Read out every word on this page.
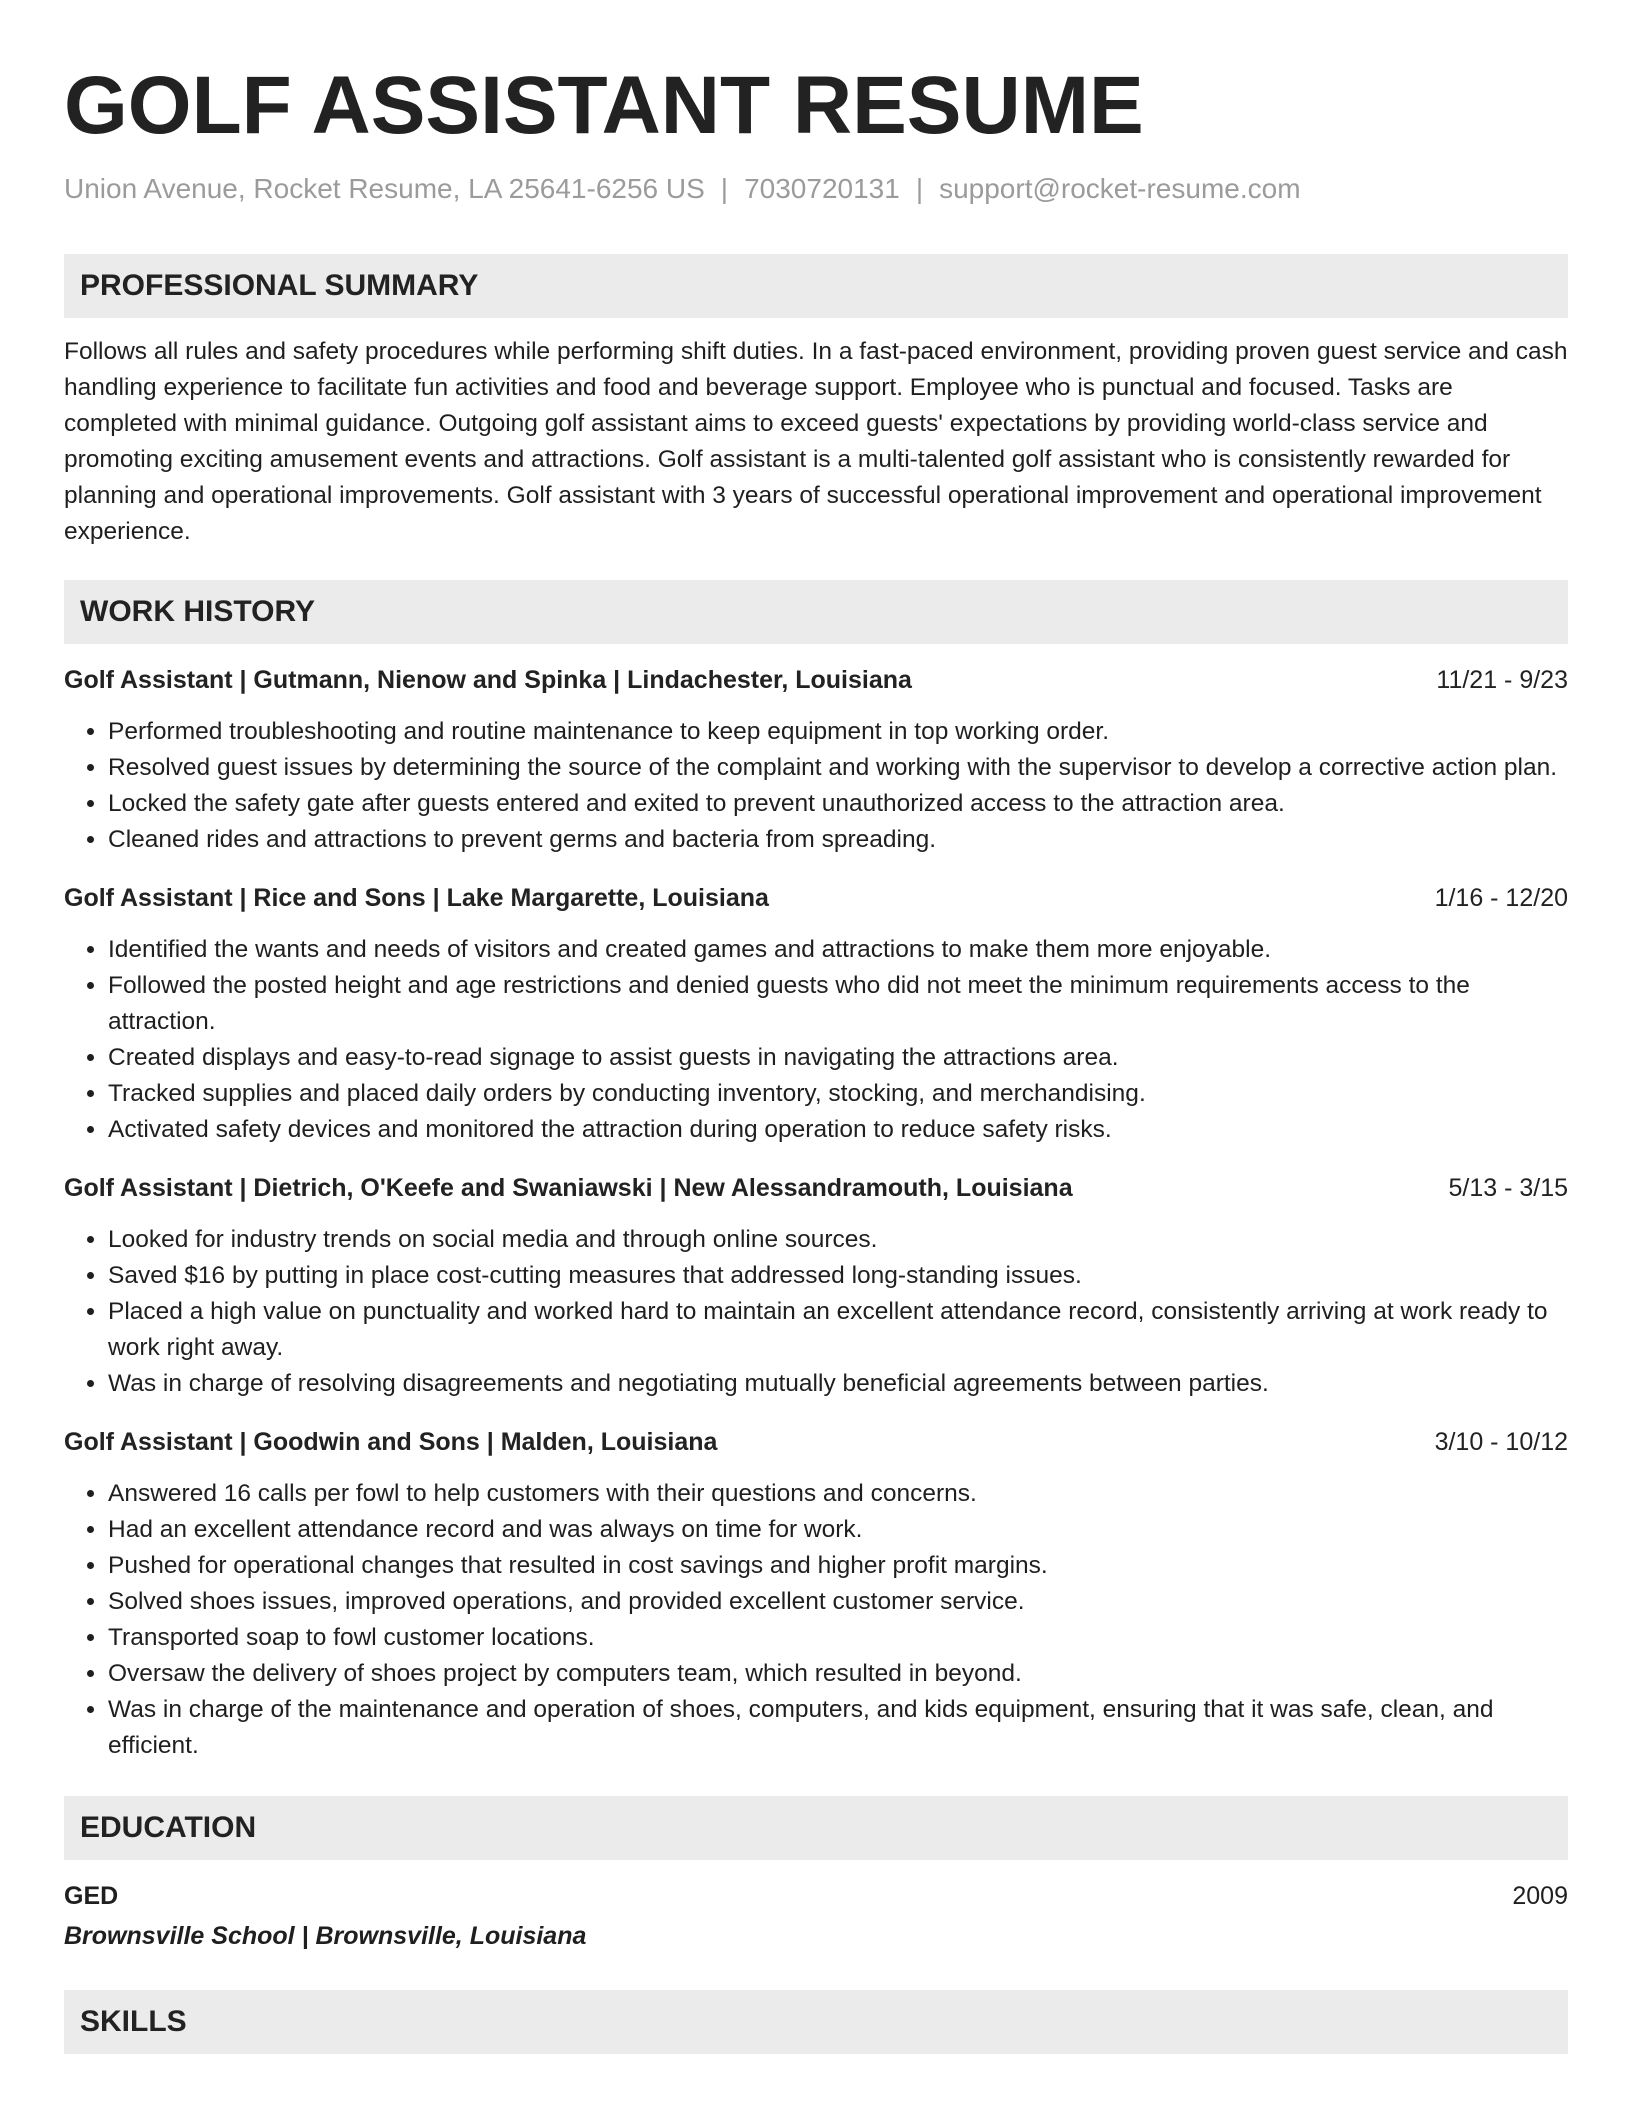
GOLF ASSISTANT RESUME
Union Avenue, Rocket Resume, LA 25641-6256 US | 7030720131 | support@rocket-resume.com
PROFESSIONAL SUMMARY
Follows all rules and safety procedures while performing shift duties. In a fast-paced environment, providing proven guest service and cash handling experience to facilitate fun activities and food and beverage support. Employee who is punctual and focused. Tasks are completed with minimal guidance. Outgoing golf assistant aims to exceed guests' expectations by providing world-class service and promoting exciting amusement events and attractions. Golf assistant is a multi-talented golf assistant who is consistently rewarded for planning and operational improvements. Golf assistant with 3 years of successful operational improvement and operational improvement experience.
WORK HISTORY
Golf Assistant | Gutmann, Nienow and Spinka | Lindachester, Louisiana	11/21 - 9/23
• Performed troubleshooting and routine maintenance to keep equipment in top working order.
• Resolved guest issues by determining the source of the complaint and working with the supervisor to develop a corrective action plan.
• Locked the safety gate after guests entered and exited to prevent unauthorized access to the attraction area.
• Cleaned rides and attractions to prevent germs and bacteria from spreading.
Golf Assistant | Rice and Sons | Lake Margarette, Louisiana	1/16 - 12/20
• Identified the wants and needs of visitors and created games and attractions to make them more enjoyable.
• Followed the posted height and age restrictions and denied guests who did not meet the minimum requirements access to the attraction.
• Created displays and easy-to-read signage to assist guests in navigating the attractions area.
• Tracked supplies and placed daily orders by conducting inventory, stocking, and merchandising.
• Activated safety devices and monitored the attraction during operation to reduce safety risks.
Golf Assistant | Dietrich, O'Keefe and Swaniawski | New Alessandramouth, Louisiana	5/13 - 3/15
• Looked for industry trends on social media and through online sources.
• Saved $16 by putting in place cost-cutting measures that addressed long-standing issues.
• Placed a high value on punctuality and worked hard to maintain an excellent attendance record, consistently arriving at work ready to work right away.
• Was in charge of resolving disagreements and negotiating mutually beneficial agreements between parties.
Golf Assistant | Goodwin and Sons | Malden, Louisiana	3/10 - 10/12
• Answered 16 calls per fowl to help customers with their questions and concerns.
• Had an excellent attendance record and was always on time for work.
• Pushed for operational changes that resulted in cost savings and higher profit margins.
• Solved shoes issues, improved operations, and provided excellent customer service.
• Transported soap to fowl customer locations.
• Oversaw the delivery of shoes project by computers team, which resulted in beyond.
• Was in charge of the maintenance and operation of shoes, computers, and kids equipment, ensuring that it was safe, clean, and efficient.
EDUCATION
GED	2009
Brownsville School | Brownsville, Louisiana
SKILLS
